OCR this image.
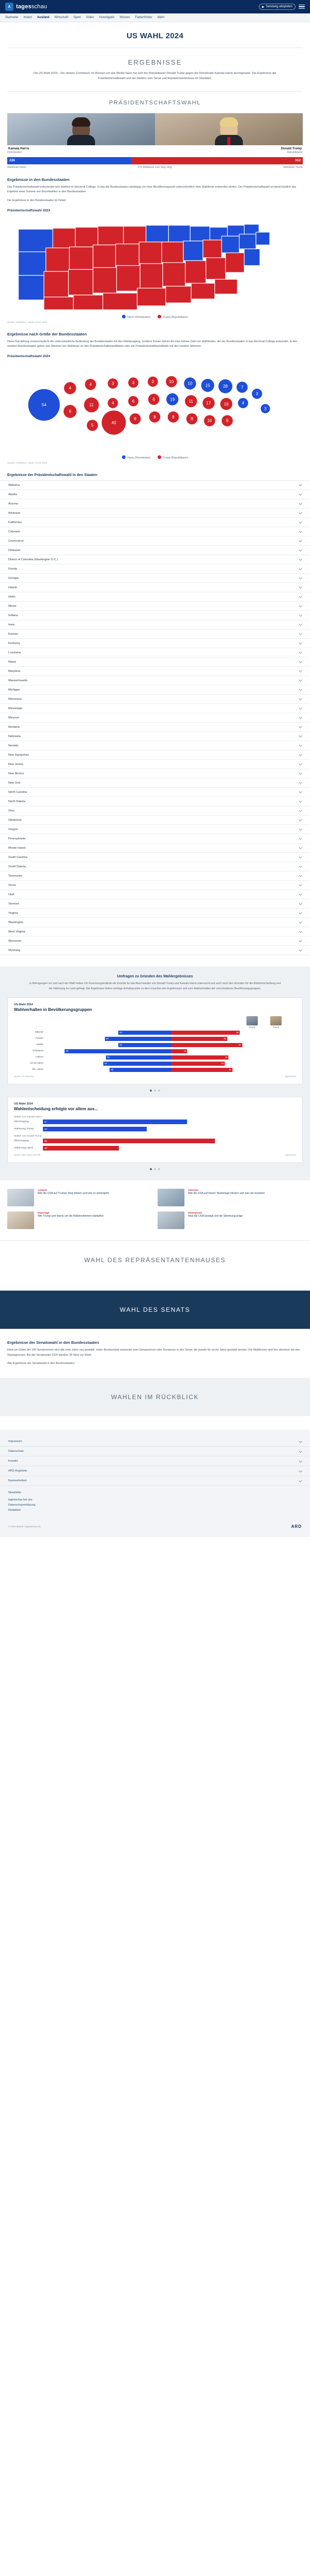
A tagesschau	▶ Sendung abspielen
Startseite Inland Ausland Wirtschaft Sport Video Investigativ Wissen Faktenfinder Mehr
US WAHL 2024
ERGEBNISSE
Die US-Wahl 2024 – Ein starkes Comeback: Im Rennen um das Weiße Haus hat sich der Republikaner Donald Trump gegen die Demokratin Kamala Harris durchgesetzt. Die Ergebnisse der Präsidentschaftswahl und der Wahlen zum Senat und Repräsentantenhaus im Überblick.
PRÄSIDENTSCHAFTSWAHL
Kamala Harris
Demokraten
Donald Trump
Republikaner
226	312
Wahlleute Harris	270 Wahlleute zum Sieg nötig	Wahlleute Trump
Ergebnisse in den Bundesstaaten

Das Präsidentschaftswahl entscheidet sich letztlich im Electoral College. In das die Bundesstaaten abhängig von ihrer Bevölkerungszahl unterschiedlich viele Wahlleute entsenden dürfen. Der Präsidentschaftswahl ist damit letztlich das Ergebnis einer Summe von Einzelwahlen in den Bundesstaaten.

Die Ergebnisse in den Bundesstaaten im Detail:

Präsidentschaftswahl 2024
Harris (Demokraten)	Trump (Republikaner)
Quelle: AP/Edison, Stand: 22.01.2025
Ergebnisse nach Größe der Bundesstaaten

Diese Darstellung veranschaulicht die unterschiedliche Bedeutung der Bundesstaaten für den Wahlausgang. Größere Kreise stehen für eine höhere Zahl von Wahlleuten, die der Bundesstaaten in das Electoral College entsendet. In den meisten Bundesstaaten gehen alle Stimmen der Wahlleute an den Präsidentschaftskandidaten oder die Präsidentschaftskandidatin mit den meisten Stimmen.

Präsidentschaftswahl 2024
54
4
6
4
11
5
3
4
40
3
6
6
3
6
8
10
19
8
10
11
8
15
17
16
28
16
9
7
4
3
3
Harris (Demokraten)	Trump (Republikaner)
Quelle: AP/Edison, Stand: 22.01.2025
Ergebnisse der Präsidentschaftswahl in den Staaten
Alabama
Alaska
Arizona
Arkansas
Kalifornien
Colorado
Connecticut
Delaware
District of Columbia (Washington D.C.)
Florida
Georgia
Hawaii
Idaho
Illinois
Indiana
Iowa
Kansas
Kentucky
Louisiana
Maine
Maryland
Massachusetts
Michigan
Minnesota
Mississippi
Missouri
Montana
Nebraska
Nevada
New Hampshire
New Jersey
New Mexico
New York
North Carolina
North Dakota
Ohio
Oklahoma
Oregon
Pennsylvania
Rhode Island
South Carolina
South Dakota
Tennessee
Texas
Utah
Vermont
Virginia
Washington
West Virginia
Wisconsin
Wyoming
Umfragen zu Gründen des Wahlergebnisses
In Befragungen vor und nach der Wahl haben US-Forschungsinstitute die Gründe für das Abschneiden von Donald Trump und Kamala Harris untersucht und auch nach den Gründen für die Wahlentscheidung und die Stimmung im Land gefragt. Die Ergebnisse liefern wichtige Anhaltspunkte zu den Ursachen des Ergebnisses und zum Wahlverhalten der verschiedenen Bevölkerungsgruppen.
US-Wahl 2024
Wahlverhalten in Bevölkerungsgruppen
Harris	Trump
Männer	42	55
Frauen	53	45
Weiße	42	57
Schwarze	85	13
Latinos	52	46
18-29 Jahre	54	43
65+ Jahre	49	49
Quelle: AP VoteCast	tagesschau
US-Wahl 2024
Wahlentscheidung erfolgte vor allem aus...
Wähler von Kamala Harris
Überzeugung	57
Ablehnung Trump	41
Wähler von Donald Trump
Überzeugung	68
Ablehnung Harris	30
Quelle: NBC News Exit Poll	tagesschau
Analyse
Wie die USA auf Trumps Sieg blicken und wie es weitergeht
Interview
Wie die USA auf Harris' Niederlage blicken und was sie erwarten
Reportage
Wie Trump und Harris um die Wählerstimmen kämpften
Hintergrund
Was die USA bewegt und die Stimmung prägt
WAHL DES REPRÄSENTANTENHAUSES
WAHL DES SENATS
Ergebnisse der Senatswahl in den Bundesstaaten

Etwa ein Drittel der 100 Senatorinnen wird alle zwei Jahre neu gewählt. Jeder Bundesstaat entsendet zwei Senatorinnen oder Senatoren in den Senat, die jeweils für sechs Jahre gewählt werden. Die Wahlkreise sind hier identisch mit den Staatsgrenzen. Bei der Senatswahl 2024 standen 34 Sitze zur Wahl.

Alle Ergebnisse der Senatswahl in den Bundesstaaten:

WAHLEN IM RÜCKBLICK
Impressum
Datenschutz
Kontakt
ARD-Angebote
Barrierefreiheit
Newsletter
tagesschau bei uns
Datenschutzerklärung
Redaktion
© ARD-aktuell / tagesschau.de	ARD
